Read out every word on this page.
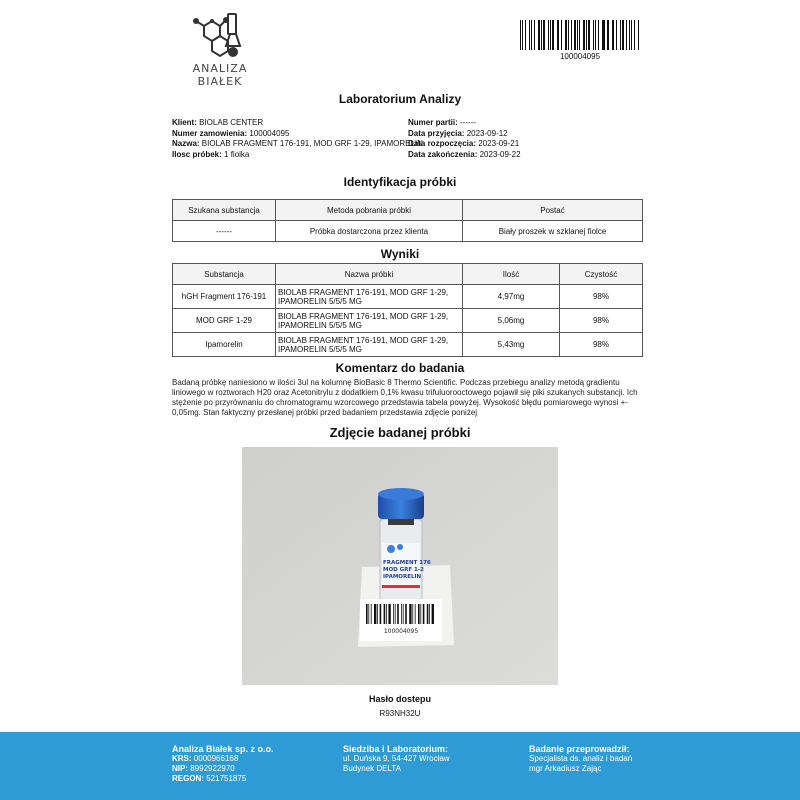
ANALIZA BIAŁEK
100004095
Laboratorium Analizy
Klient: BIOLAB CENTER
Numer zamowienia: 100004095
Nazwa: BIOLAB FRAGMENT 176-191, MOD GRF 1-29, IPAMORELIN
Ilosc próbek: 1 fiolka
Numer partii: ------
Data przyjęcia: 2023-09-12
Data rozpoczęcia: 2023-09-21
Data zakończenia: 2023-09-22
Identyfikacja próbki
Szukana substancja	Metoda pobrania próbki	Postać
------	Próbka dostarczona przez klienta	Biały proszek w szklanej fiolce
Wyniki
Substancja	Nazwa próbki	Ilość	Czystość
hGH Fragment 176-191	BIOLAB FRAGMENT 176-191, MOD GRF 1-29, IPAMORELIN 5/5/5 MG	4,97mg	98%
MOD GRF 1-29	BIOLAB FRAGMENT 176-191, MOD GRF 1-29, IPAMORELIN 5/5/5 MG	5,06mg	98%
Ipamorelin	BIOLAB FRAGMENT 176-191, MOD GRF 1-29, IPAMORELIN 5/5/5 MG	5,43mg	98%
Komentarz do badania
Badaną próbkę naniesiono w ilości 3ul na kolumnę BioBasic 8 Thermo Scientific. Podczas przebiegu analizy metodą gradientu liniowego w roztworach H20 oraz Acetonitrylu z dodatkiem 0,1% kwasu trifuluorooctowego pojawił się piki szukanych substancji. Ich stężenie po przyrównaniu do chromatogramu wzorcowego przedstawia tabela powyżej. Wysokość błędu pomiarowego wynosi +- 0,05mg. Stan faktyczny przesłanej próbki przed badaniem przedstawia zdjęcie poniżej
Zdjęcie badanej próbki
FRAGMENT 176
MOD GRF 1-2
IPAMORELIN
100004095
Hasło dostepu
R93NH32U
Analiza Białek sp. z o.o.
KRS: 0000966168
NIP: 8992922970
REGON: 521751875
Siedziba i Laboratorium:
ul. Duńska 9, 54-427 Wrocław
Budynek DELTA
Badanie przeprowadził:
Specjalista ds. analiz i badań
mgr Arkadiusz Zając
